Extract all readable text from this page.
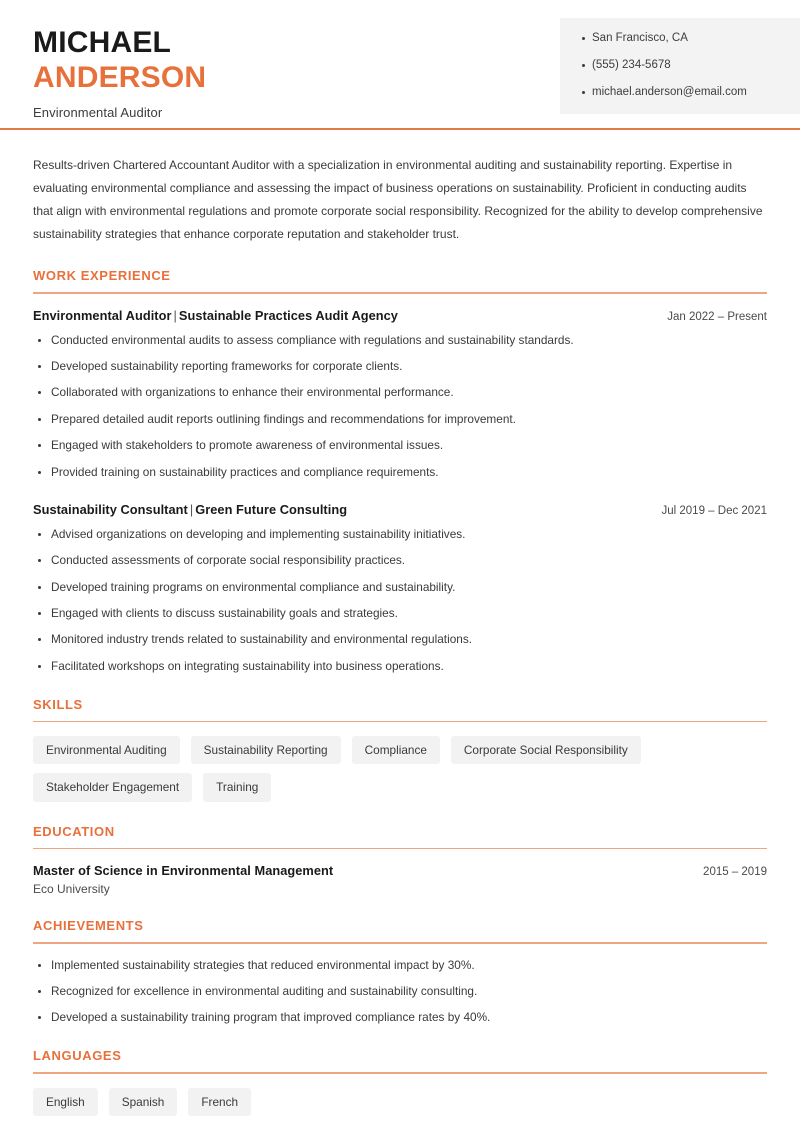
MICHAEL
ANDERSON
Environmental Auditor
San Francisco, CA
(555) 234-5678
michael.anderson@email.com

Results-driven Chartered Accountant Auditor with a specialization in environmental auditing and sustainability reporting. Expertise in evaluating environmental compliance and assessing the impact of business operations on sustainability. Proficient in conducting audits that align with environmental regulations and promote corporate social responsibility. Recognized for the ability to develop comprehensive sustainability strategies that enhance corporate reputation and stakeholder trust.

WORK EXPERIENCE
Environmental Auditor | Sustainable Practices Audit Agency	Jan 2022 – Present
Conducted environmental audits to assess compliance with regulations and sustainability standards.
Developed sustainability reporting frameworks for corporate clients.
Collaborated with organizations to enhance their environmental performance.
Prepared detailed audit reports outlining findings and recommendations for improvement.
Engaged with stakeholders to promote awareness of environmental issues.
Provided training on sustainability practices and compliance requirements.
Sustainability Consultant | Green Future Consulting	Jul 2019 – Dec 2021
Advised organizations on developing and implementing sustainability initiatives.
Conducted assessments of corporate social responsibility practices.
Developed training programs on environmental compliance and sustainability.
Engaged with clients to discuss sustainability goals and strategies.
Monitored industry trends related to sustainability and environmental regulations.
Facilitated workshops on integrating sustainability into business operations.
SKILLS
Environmental Auditing	Sustainability Reporting	Compliance	Corporate Social Responsibility
Stakeholder Engagement	Training
EDUCATION
Master of Science in Environmental Management	2015 – 2019
Eco University
ACHIEVEMENTS
Implemented sustainability strategies that reduced environmental impact by 30%.
Recognized for excellence in environmental auditing and sustainability consulting.
Developed a sustainability training program that improved compliance rates by 40%.
LANGUAGES
English	Spanish	French
